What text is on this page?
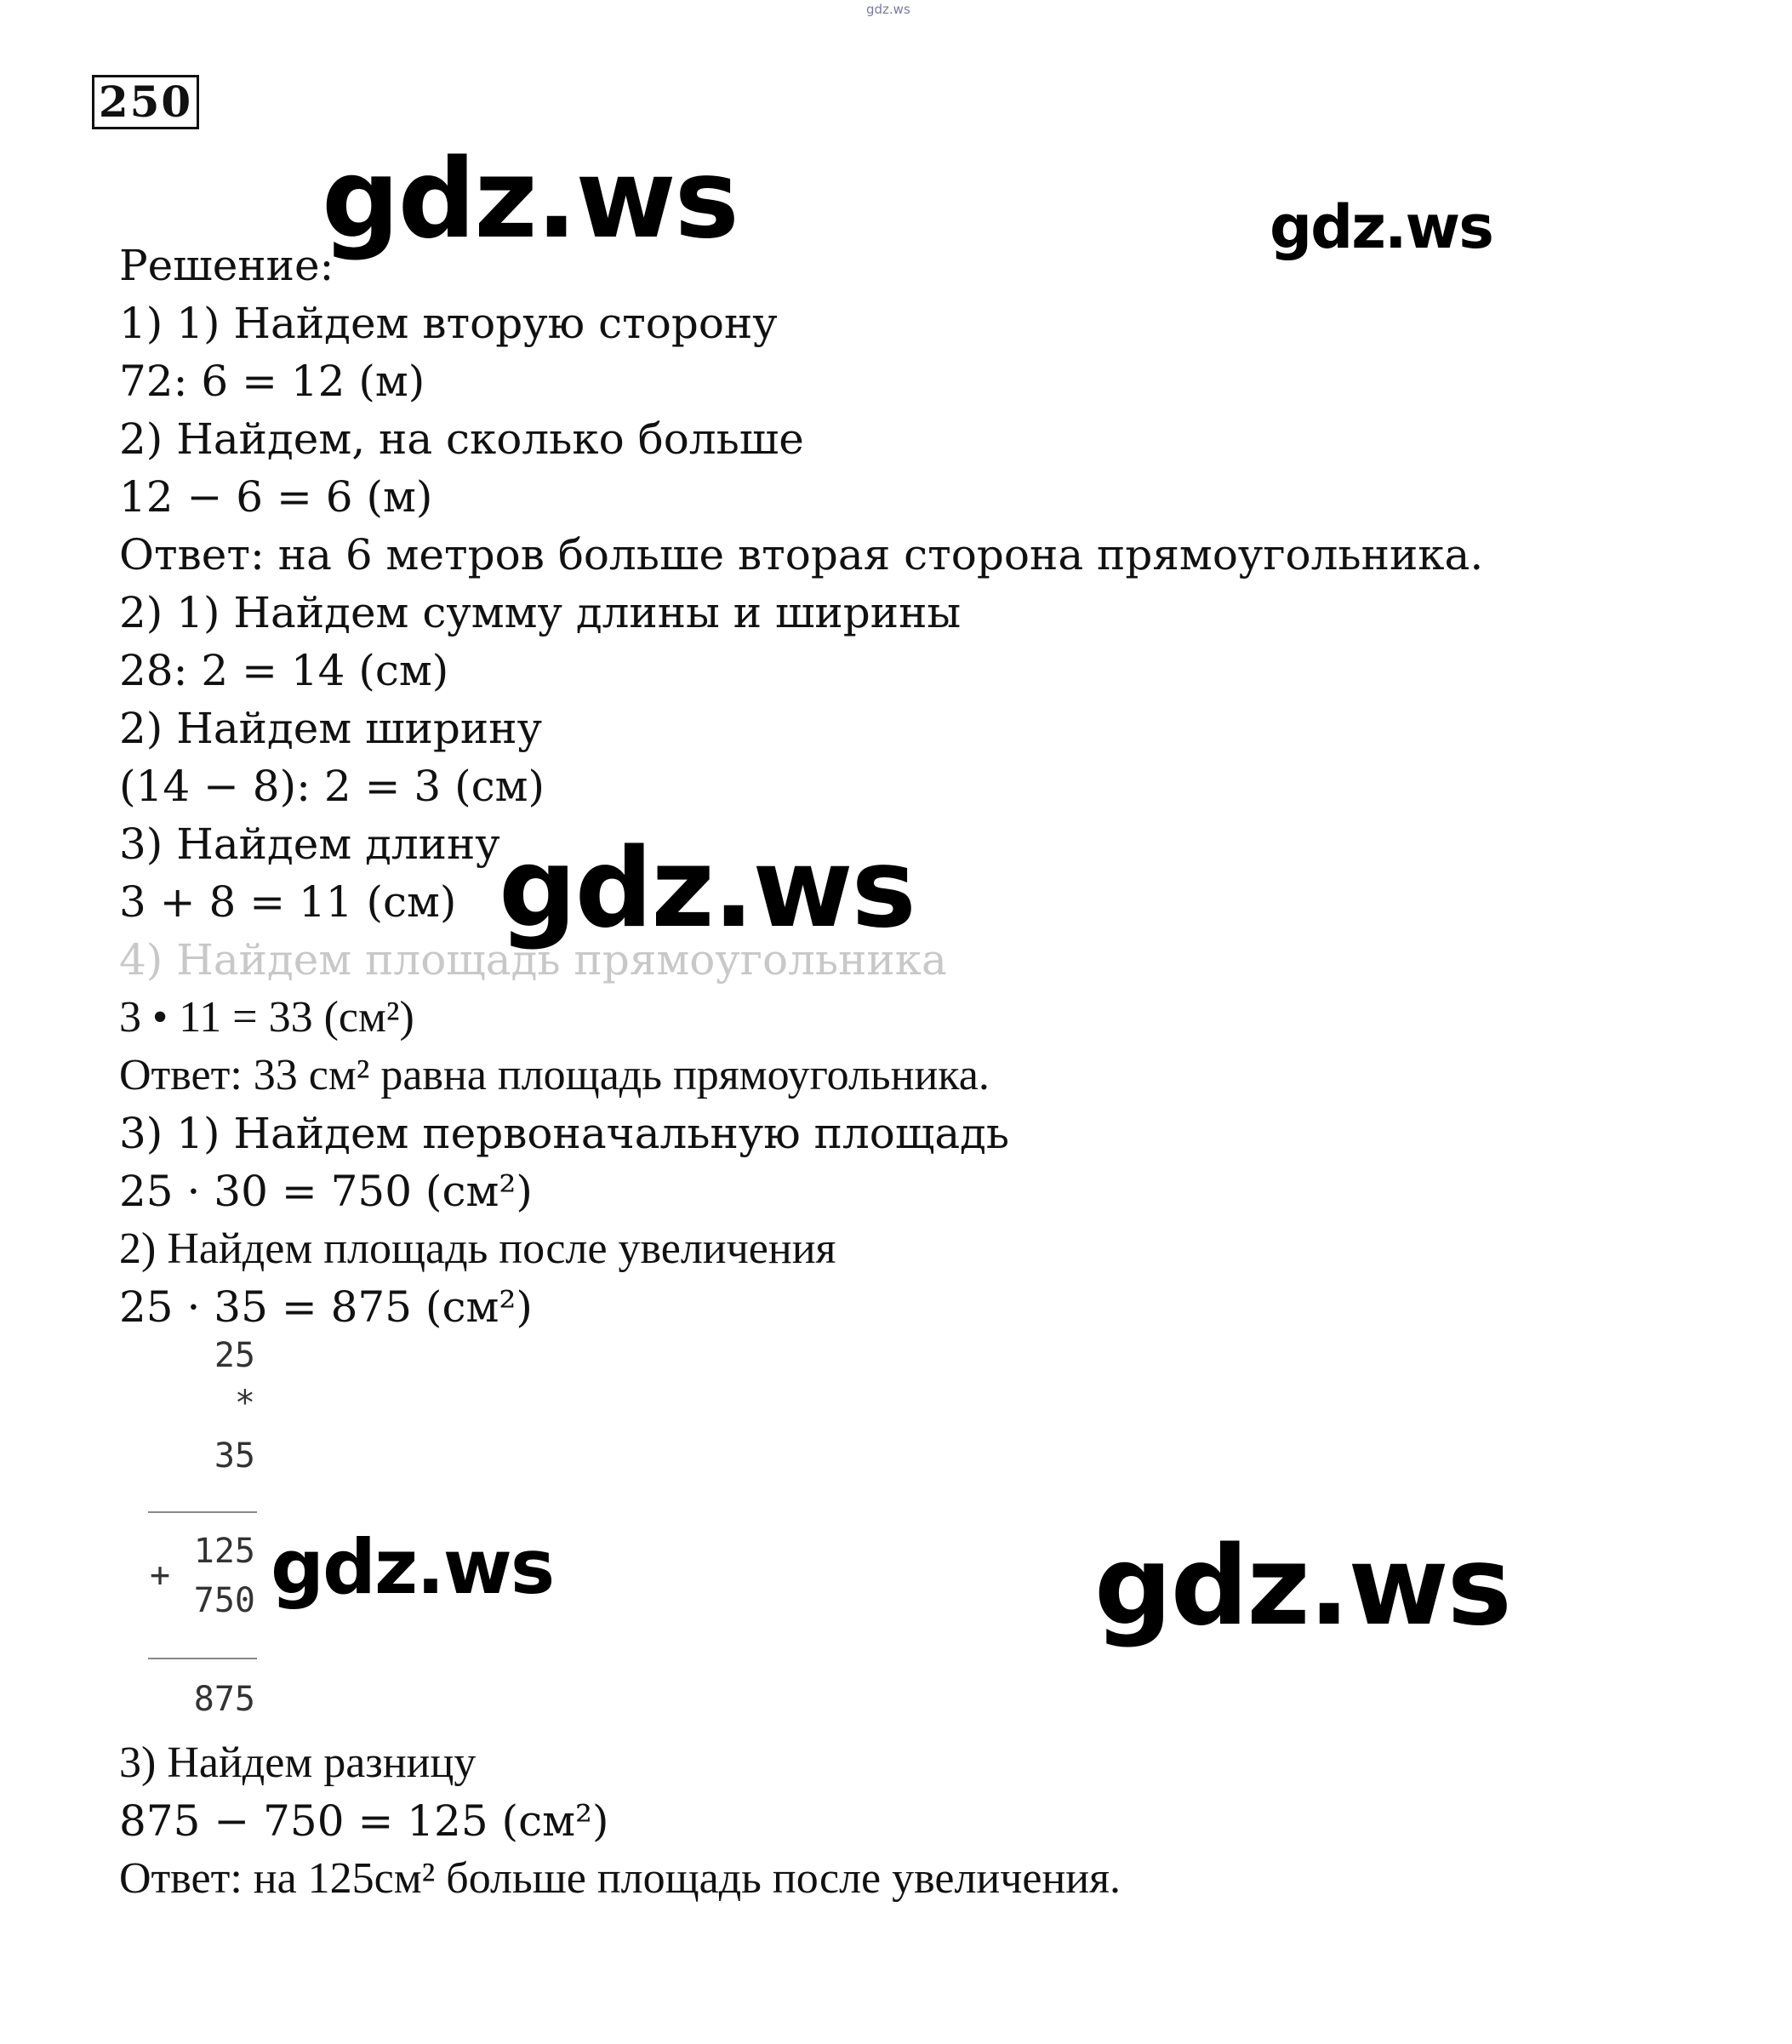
gdz.ws
250
Решение:
1) 1) Найдем вторую сторону
72: 6 = 12 (м)
2) Найдем, на сколько больше
12 − 6 = 6 (м)
Ответ: на 6 метров больше вторая сторона прямоугольника.
2) 1) Найдем сумму длины и ширины
28: 2 = 14 (см)
2) Найдем ширину
(14 − 8): 2 = 3 (см)
3) Найдем длину
3 + 8 = 11 (см)
4) Найдем площадь прямоугольника
3 • 11 = 33 (см²)
Ответ: 33 см² равна площадь прямоугольника.
3) 1) Найдем первоначальную площадь
25 · 30 = 750 (см²)
2) Найдем площадь после увеличения
25 · 35 = 875 (см²)
25
*
35
125
+
750
875
3) Найдем разницу
875 − 750 = 125 (см²)
Ответ: на 125см² больше площадь после увеличения.
gdz.ws	gdz.ws
gdz.ws
gdz.ws	gdz.ws
